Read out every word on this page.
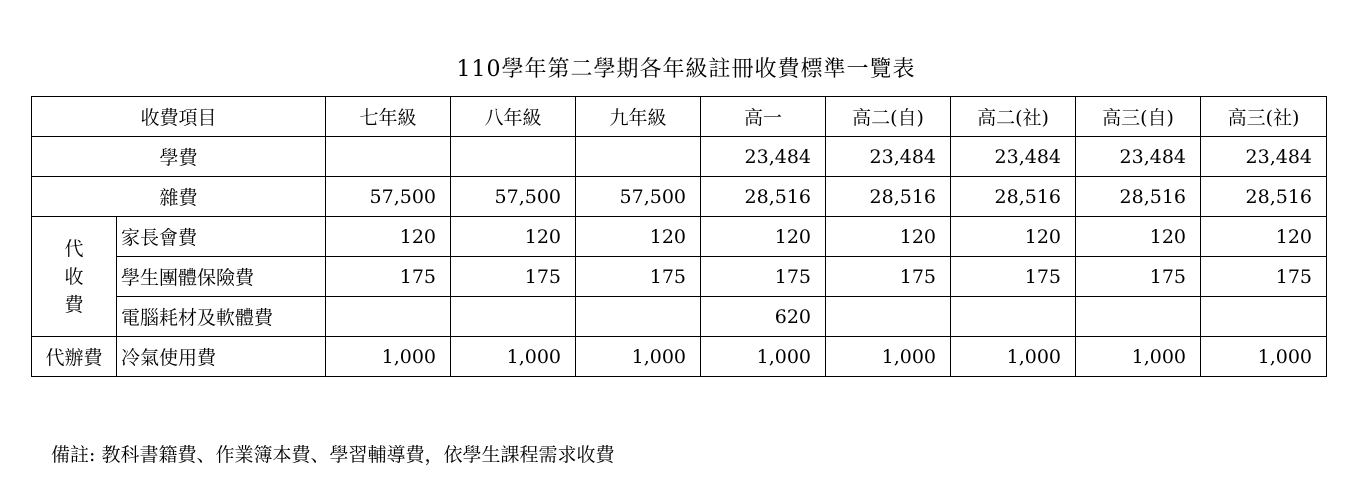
110學年第二學期各年級註冊收費標準一覽表
收費項目		七年級	八年級	九年級	高一	高二(自)	高二(社)	高三(自)	高三(社)
學費					23,484	23,484	23,484	23,484	23,484
雜費		57,500	57,500	57,500	28,516	28,516	28,516	28,516	28,516

代
收
費	家長會費	120	120	120	120	120	120	120	120
	學生團體保險費	175	175	175	175	175	175	175	175
	電腦耗材及軟體費				620				
代辦費	冷氣使用費	1,000	1,000	1,000	1,000	1,000	1,000	1,000	1,000
備註: 教科書籍費、作業簿本費、學習輔導費，依學生課程需求收費
